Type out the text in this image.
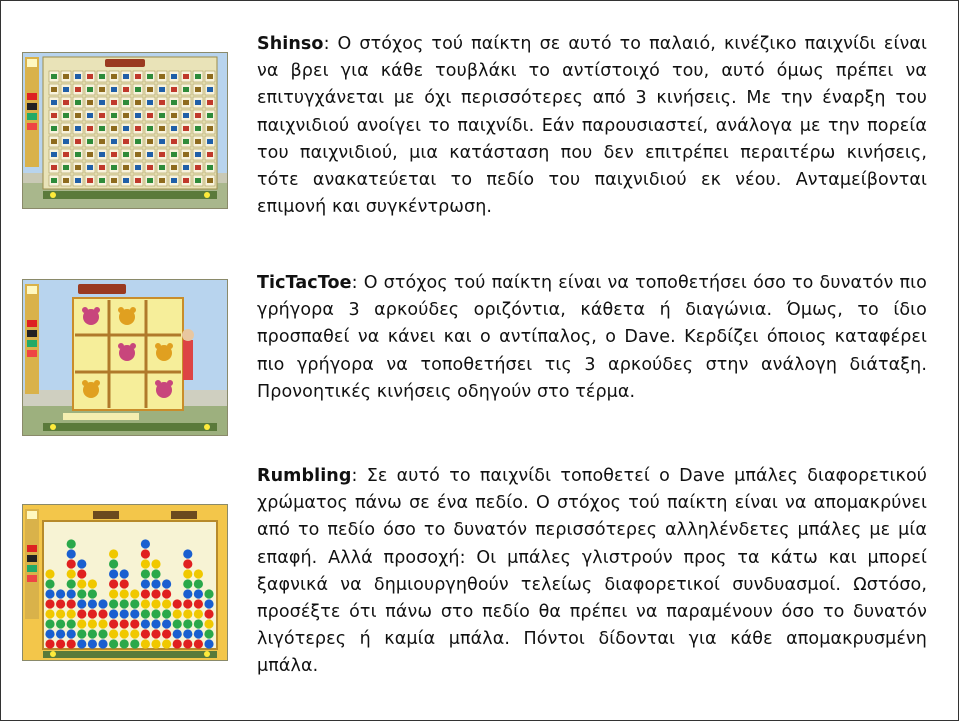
Shinso: Ο στόχος τού παίκτη σε αυτό το παλαιό, κινέζικο παιχνίδι είναι να βρει για κάθε τουβλάκι το αντίστοιχό του, αυτό όμως πρέπει να επιτυγχάνεται με όχι περισσότερες από 3 κινήσεις. Με την έναρξη του παιχνιδιού ανοίγει το παιχνίδι. Εάν παρουσιαστεί, ανάλογα με την πορεία του παιχνιδιού, μια κατάσταση που δεν επιτρέπει περαιτέρω κινήσεις, τότε ανακατεύεται το πεδίο του παιχνιδιού εκ νέου. Ανταμείβονται επιμονή και συγκέντρωση.
TicTacToe: Ο στόχος τού παίκτη είναι να τοποθετήσει όσο το δυνατόν πιο γρήγορα 3 αρκούδες οριζόντια, κάθετα ή διαγώνια. Όμως, το ίδιο προσπαθεί να κάνει και ο αντίπαλος, ο Dave. Κερδίζει όποιος καταφέρει πιο γρήγορα να τοποθετήσει τις 3 αρκούδες στην ανάλογη διάταξη. Προνοητικές κινήσεις οδηγούν στο τέρμα.
Rumbling: Σε αυτό το παιχνίδι τοποθετεί ο Dave μπάλες διαφορετικού χρώματος πάνω σε ένα πεδίο. Ο στόχος τού παίκτη είναι να απομακρύνει από το πεδίο όσο το δυνατόν περισσότερες αλληλένδετες μπάλες με μία επαφή. Αλλά προσοχή: Οι μπάλες γλιστρούν προς τα κάτω και μπορεί ξαφνικά να δημιουργηθούν τελείως διαφορετικοί συνδυασμοί. Ωστόσο, προσέξτε ότι πάνω στο πεδίο θα πρέπει να παραμένουν όσο το δυνατόν λιγότερες ή καμία μπάλα. Πόντοι δίδονται για κάθε απομακρυσμένη μπάλα.
